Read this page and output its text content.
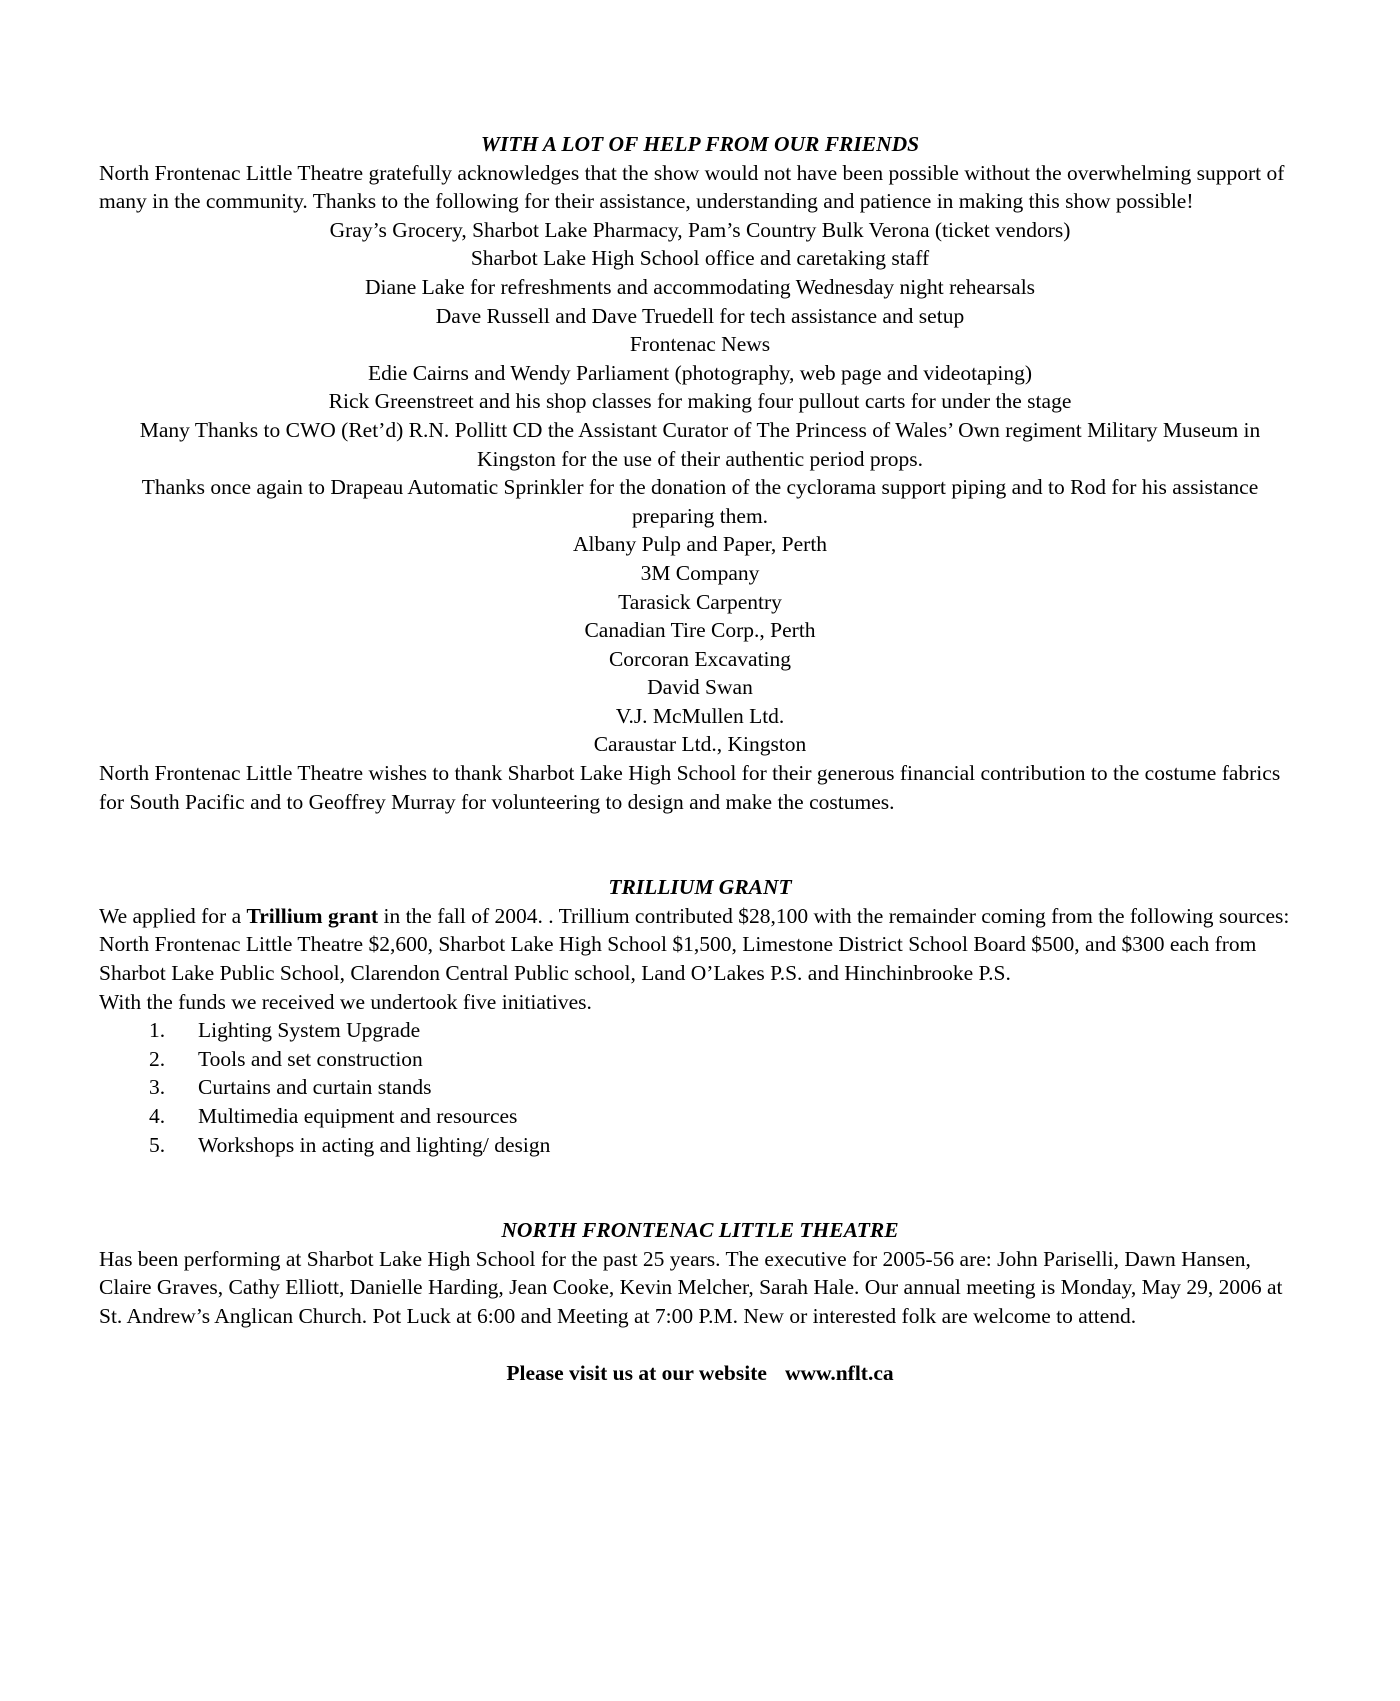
WITH A LOT OF HELP FROM OUR FRIENDS

North Frontenac Little Theatre gratefully acknowledges that the show would not have been possible without the overwhelming support of many in the community. Thanks to the following for their assistance, understanding and patience in making this show possible!

Gray’s Grocery, Sharbot Lake Pharmacy, Pam’s Country Bulk Verona (ticket vendors)

Sharbot Lake High School office and caretaking staff

Diane Lake for refreshments and accommodating Wednesday night rehearsals

Dave Russell and Dave Truedell for tech assistance and setup

Frontenac News

Edie Cairns and Wendy Parliament (photography, web page and videotaping)

Rick Greenstreet and his shop classes for making four pullout carts for under the stage

Many Thanks to CWO (Ret’d) R.N. Pollitt CD the Assistant Curator of The Princess of Wales’ Own regiment Military Museum in Kingston for the use of their authentic period props.

Thanks once again to Drapeau Automatic Sprinkler for the donation of the cyclorama support piping and to Rod for his assistance preparing them.

Albany Pulp and Paper, Perth

3M Company

Tarasick Carpentry

Canadian Tire Corp., Perth

Corcoran Excavating

David Swan

V.J. McMullen Ltd.

Caraustar Ltd., Kingston

North Frontenac Little Theatre wishes to thank Sharbot Lake High School for their generous financial contribution to the costume fabrics for South Pacific and to Geoffrey Murray for volunteering to design and make the costumes.

TRILLIUM GRANT

We applied for a Trillium grant in the fall of 2004. . Trillium contributed $28,100 with the remainder coming from the following sources: North Frontenac Little Theatre $2,600, Sharbot Lake High School $1,500, Limestone District School Board $500, and $300 each from Sharbot Lake Public School, Clarendon Central Public school, Land O’Lakes P.S. and Hinchinbrooke P.S.

With the funds we received we undertook five initiatives.

1.	Lighting System Upgrade
2.	Tools and set construction
3.	Curtains and curtain stands
4.	Multimedia equipment and resources
5.	Workshops in acting and lighting/ design

NORTH FRONTENAC LITTLE THEATRE

Has been performing at Sharbot Lake High School for the past 25 years. The executive for 2005-56 are: John Pariselli, Dawn Hansen, Claire Graves, Cathy Elliott, Danielle Harding, Jean Cooke, Kevin Melcher, Sarah Hale. Our annual meeting is Monday, May 29, 2006 at St. Andrew’s Anglican Church. Pot Luck at 6:00 and Meeting at 7:00 P.M. New or interested folk are welcome to attend.

Please visit us at our website www.nflt.ca
